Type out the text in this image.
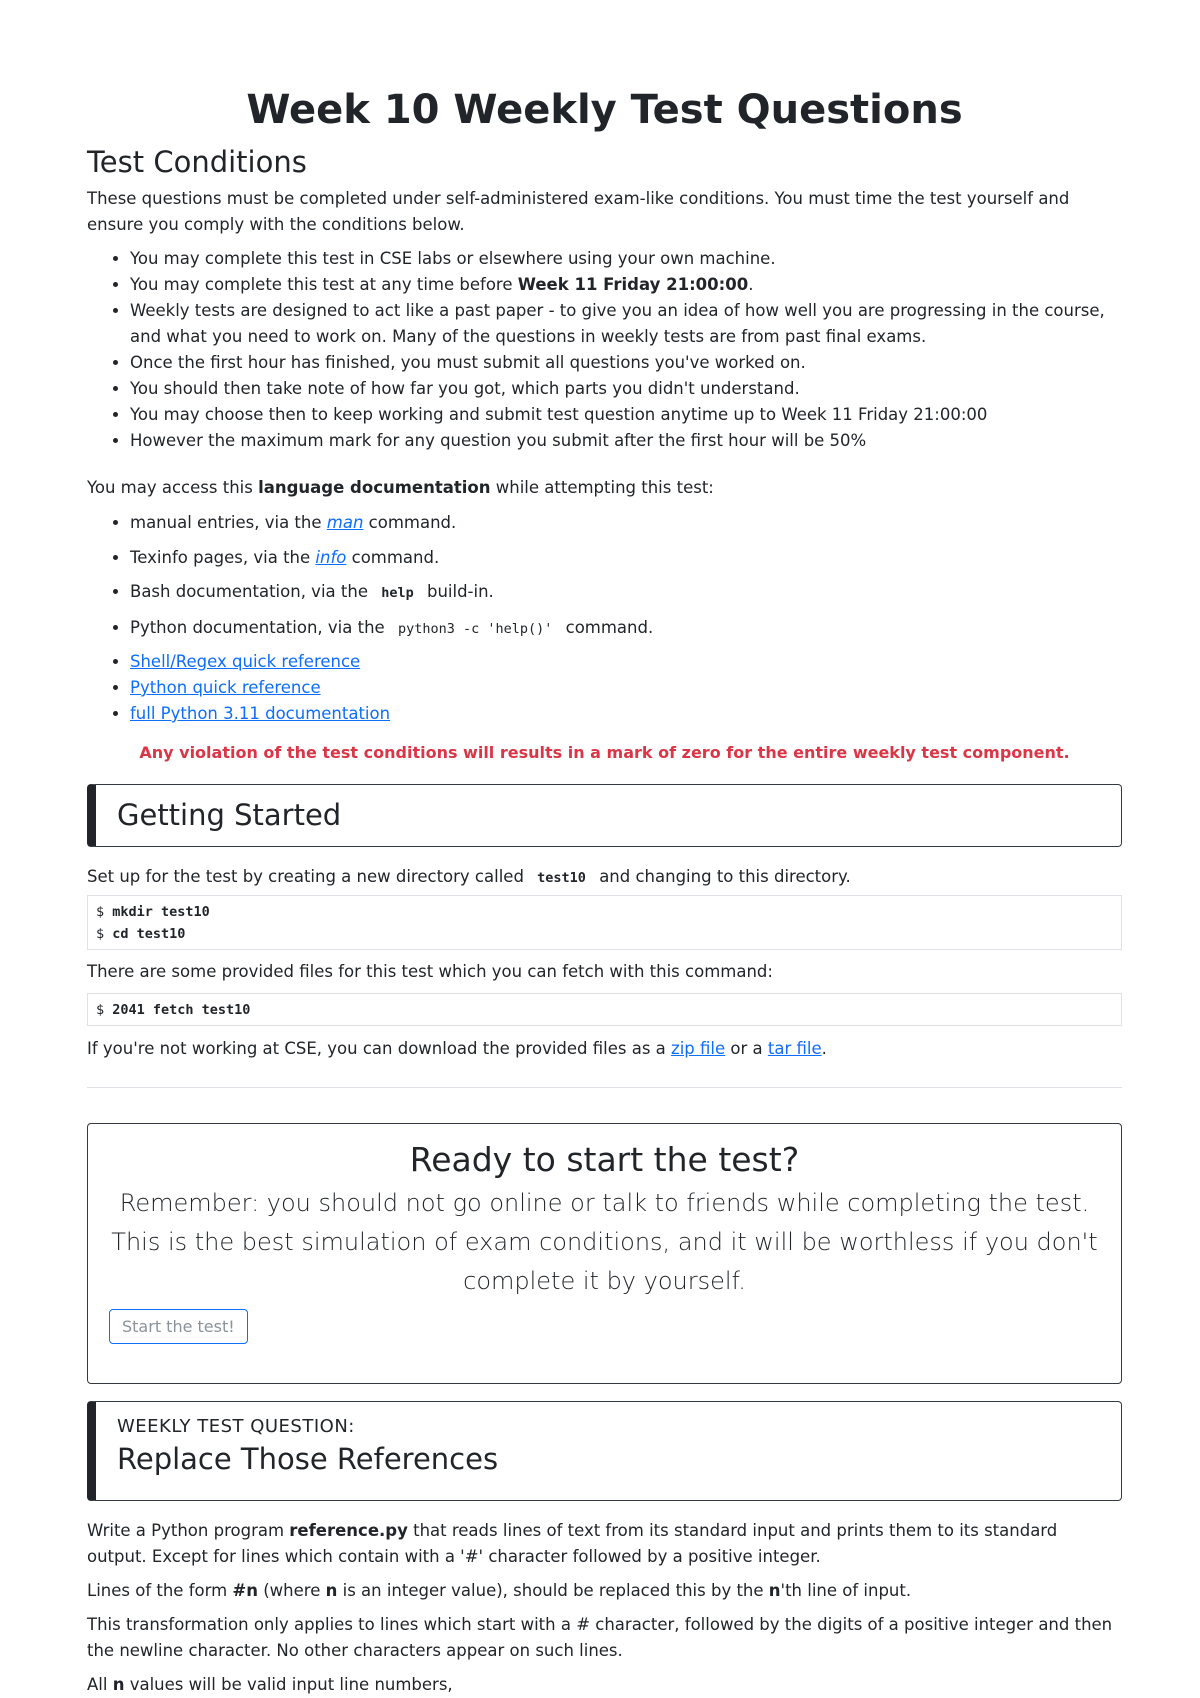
Week 10 Weekly Test Questions
Test Conditions

These questions must be completed under self-administered exam-like conditions. You must time the test yourself and ensure you comply with the conditions below.

• You may complete this test in CSE labs or elsewhere using your own machine.
• You may complete this test at any time before Week 11 Friday 21:00:00.
• Weekly tests are designed to act like a past paper - to give you an idea of how well you are progressing in the course, and what you need to work on. Many of the questions in weekly tests are from past final exams.
• Once the first hour has finished, you must submit all questions you've worked on.
• You should then take note of how far you got, which parts you didn't understand.
• You may choose then to keep working and submit test question anytime up to Week 11 Friday 21:00:00
• However the maximum mark for any question you submit after the first hour will be 50%

You may access this language documentation while attempting this test:

• manual entries, via the man command.
• Texinfo pages, via the info command.
• Bash documentation, via the help build-in.
• Python documentation, via the python3 -c 'help()' command.
• Shell/Regex quick reference
• Python quick reference
• full Python 3.11 documentation

Any violation of the test conditions will results in a mark of zero for the entire weekly test component.

Getting Started

Set up for the test by creating a new directory called test10 and changing to this directory.

$ mkdir test10
$ cd test10

There are some provided files for this test which you can fetch with this command:

$ 2041 fetch test10

If you're not working at CSE, you can download the provided files as a zip file or a tar file.

Ready to start the test?
Remember: you should not go online or talk to friends while completing the test. This is the best simulation of exam conditions, and it will be worthless if you don't complete it by yourself.
Start the test!
WEEKLY TEST QUESTION:
Replace Those References

Write a Python program reference.py that reads lines of text from its standard input and prints them to its standard output. Except for lines which contain with a '#' character followed by a positive integer.

Lines of the form #n (where n is an integer value), should be replaced this by the n'th line of input.

This transformation only applies to lines which start with a # character, followed by the digits of a positive integer and then the newline character. No other characters appear on such lines.

All n values will be valid input line numbers,
